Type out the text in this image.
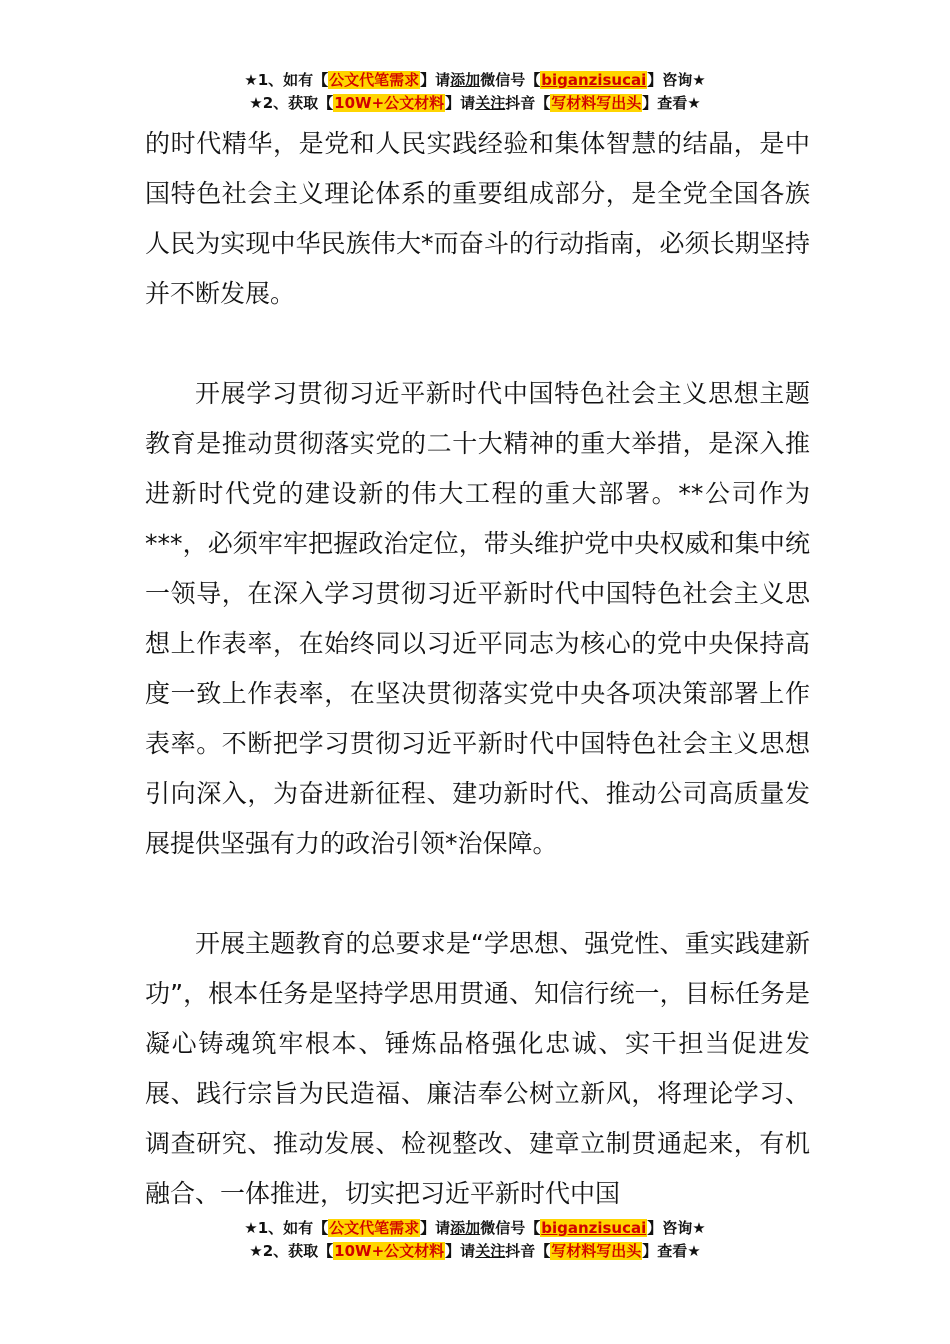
★1、如有【公文代笔需求】请添加微信号【biganzisucai】咨询★
★2、获取【10W+公文材料】请关注抖音【写材料写出头】查看★

的时代精华，是党和人民实践经验和集体智慧的结晶，是中国特色社会主义理论体系的重要组成部分，是全党全国各族人民为实现中华民族伟大*而奋斗的行动指南，必须长期坚持并不断发展。

开展学习贯彻习近平新时代中国特色社会主义思想主题教育是推动贯彻落实党的二十大精神的重大举措，是深入推进新时代党的建设新的伟大工程的重大部署。**公司作为***，必须牢牢把握政治定位，带头维护党中央权威和集中统一领导，在深入学习贯彻习近平新时代中国特色社会主义思想上作表率，在始终同以习近平同志为核心的党中央保持高度一致上作表率，在坚决贯彻落实党中央各项决策部署上作表率。不断把学习贯彻习近平新时代中国特色社会主义思想引向深入，为奋进新征程、建功新时代、推动公司高质量发展提供坚强有力的政治引领*治保障。

开展主题教育的总要求是“学思想、强党性、重实践建新功”，根本任务是坚持学思用贯通、知信行统一，目标任务是凝心铸魂筑牢根本、锤炼品格强化忠诚、实干担当促进发展、践行宗旨为民造福、廉洁奉公树立新风，将理论学习、调查研究、推动发展、检视整改、建章立制贯通起来，有机融合、一体推进，切实把习近平新时代中国

★1、如有【公文代笔需求】请添加微信号【biganzisucai】咨询★
★2、获取【10W+公文材料】请关注抖音【写材料写出头】查看★
